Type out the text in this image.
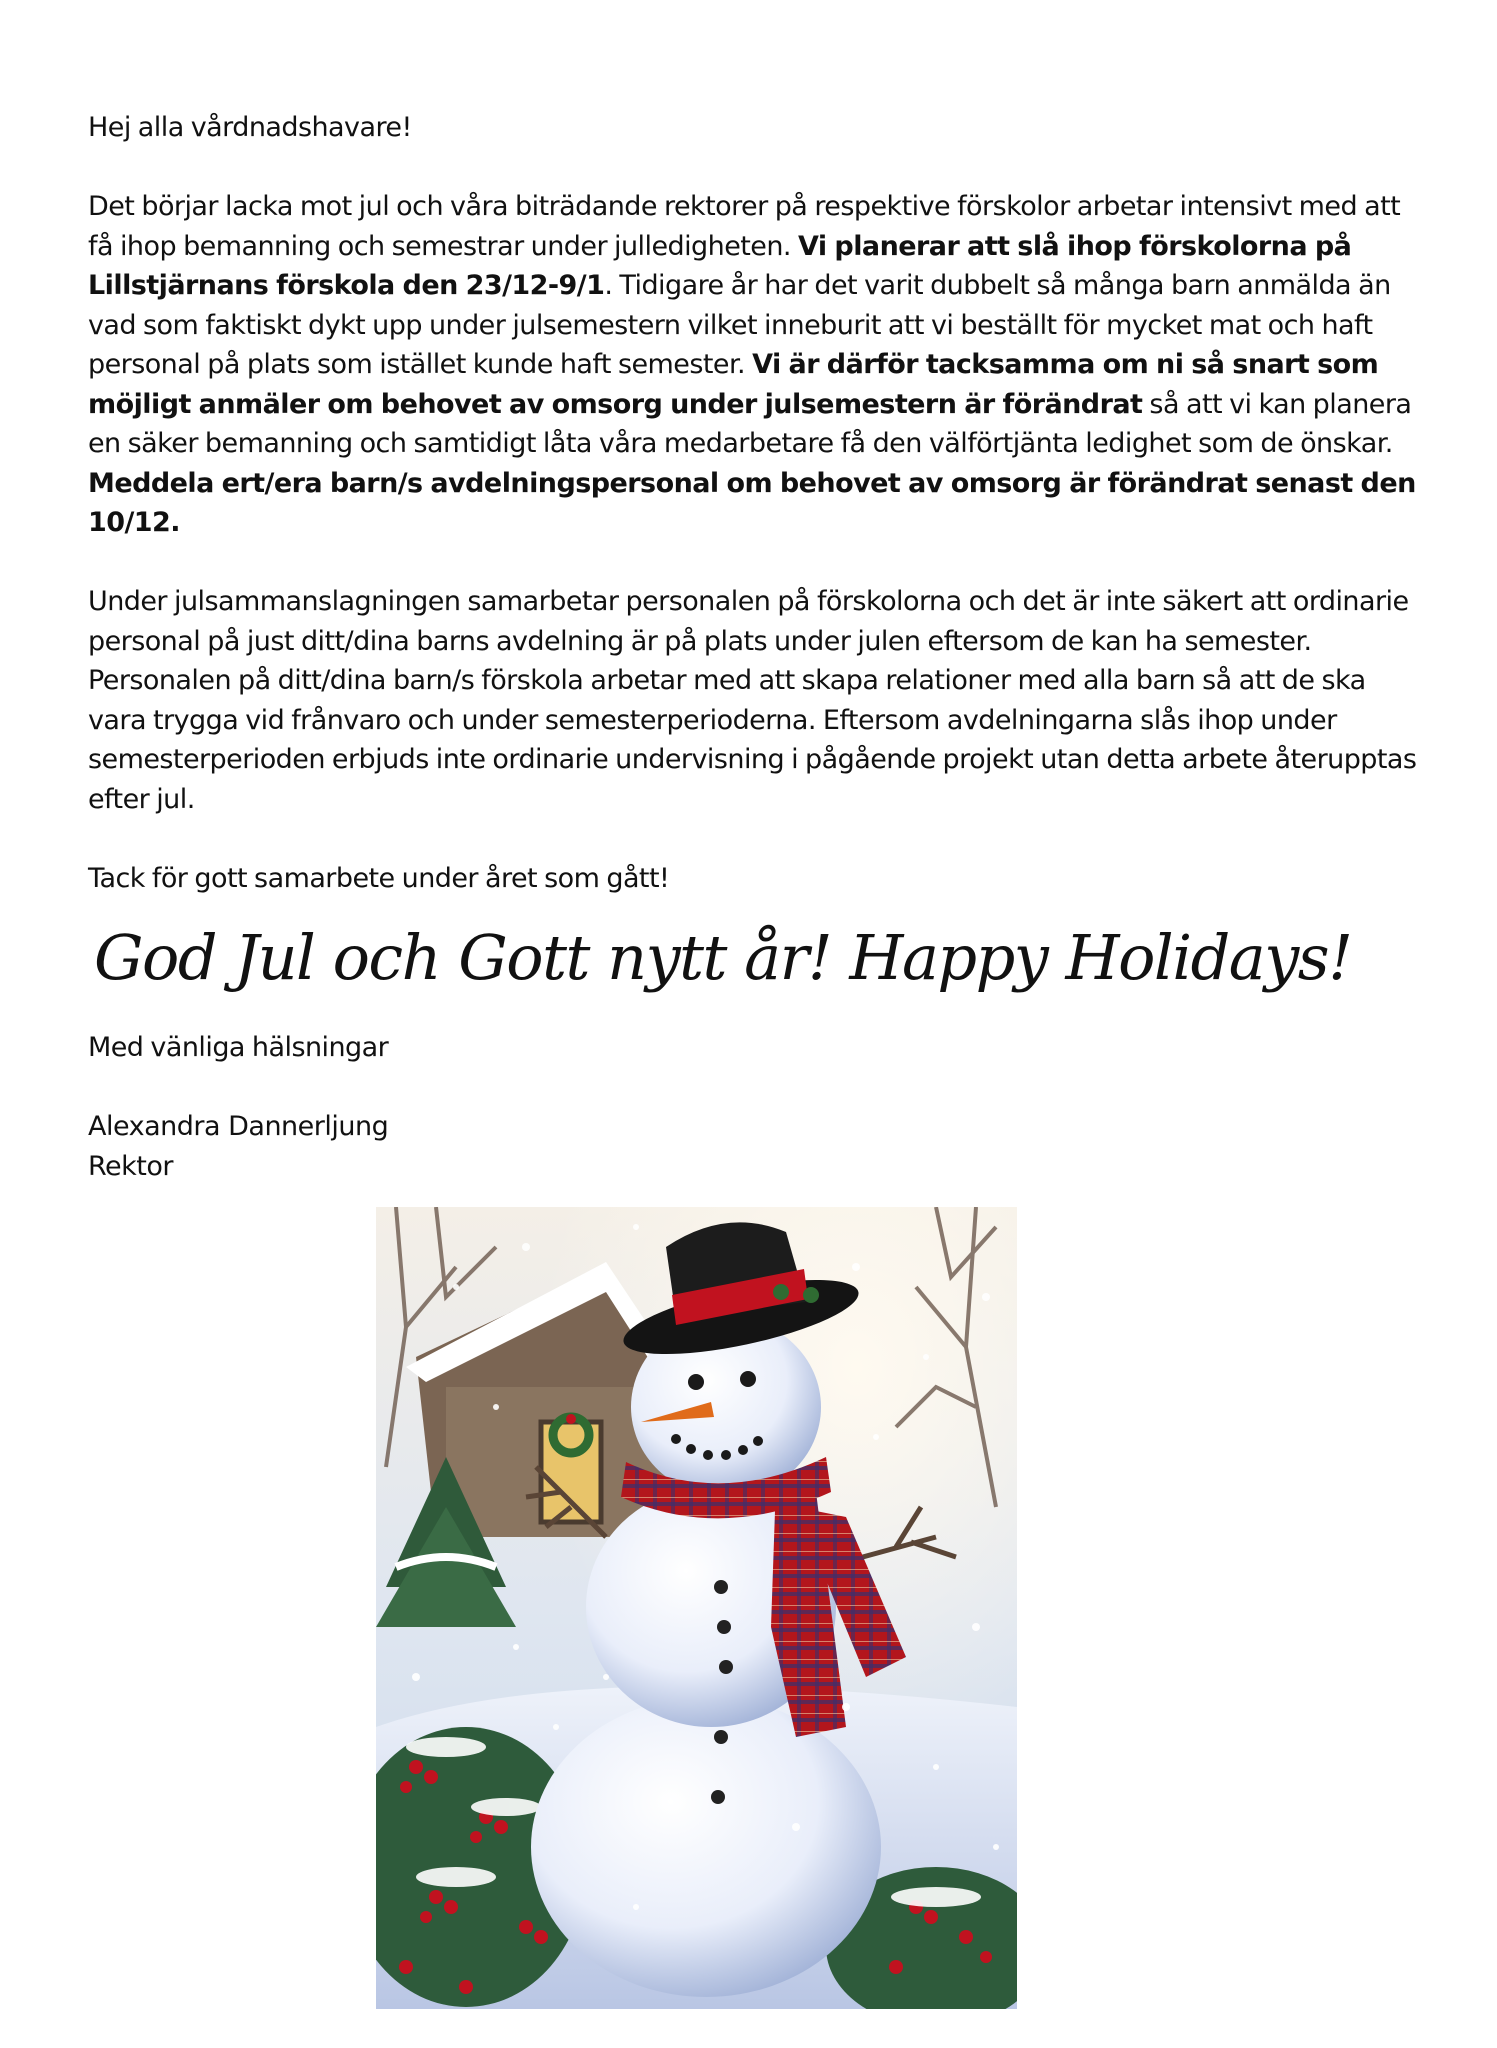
Hej alla vårdnadshavare!

Det börjar lacka mot jul och våra biträdande rektorer på respektive förskolor arbetar intensivt med att få ihop bemanning och semestrar under julledigheten. Vi planerar att slå ihop förskolorna på Lillstjärnans förskola den 23/12-9/1. Tidigare år har det varit dubbelt så många barn anmälda än vad som faktiskt dykt upp under julsemestern vilket inneburit att vi beställt för mycket mat och haft personal på plats som istället kunde haft semester. Vi är därför tacksamma om ni så snart som möjligt anmäler om behovet av omsorg under julsemestern är förändrat så att vi kan planera en säker bemanning och samtidigt låta våra medarbetare få den välförtjänta ledighet som de önskar. Meddela ert/era barn/s avdelningspersonal om behovet av omsorg är förändrat senast den 10/12.

Under julsammanslagningen samarbetar personalen på förskolorna och det är inte säkert att ordinarie personal på just ditt/dina barns avdelning är på plats under julen eftersom de kan ha semester. Personalen på ditt/dina barn/s förskola arbetar med att skapa relationer med alla barn så att de ska vara trygga vid frånvaro och under semesterperioderna. Eftersom avdelningarna slås ihop under semesterperioden erbjuds inte ordinarie undervisning i pågående projekt utan detta arbete återupptas efter jul.

Tack för gott samarbete under året som gått!

God Jul och Gott nytt år! Happy Holidays!

Med vänliga hälsningar

Alexandra Dannerljung
Rektor
